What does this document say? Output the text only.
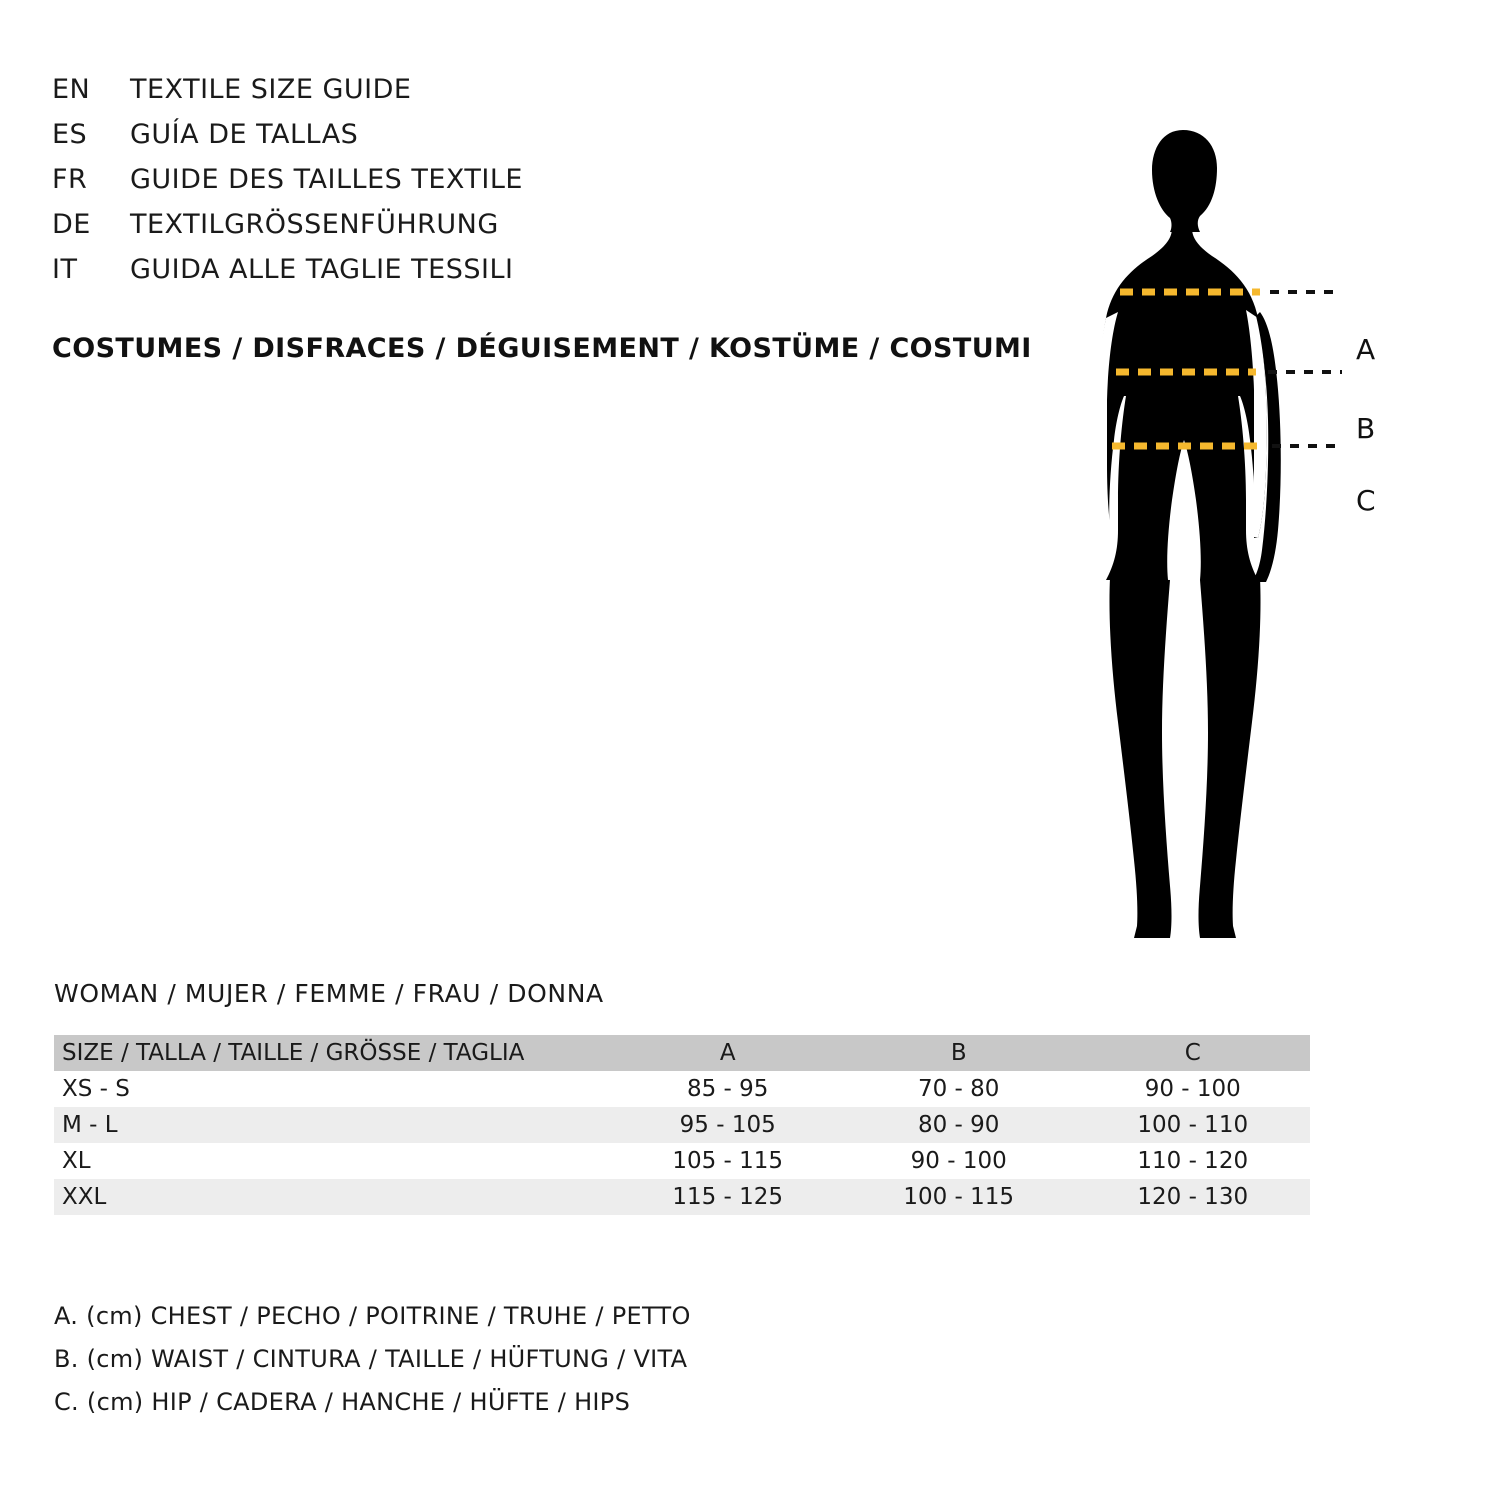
EN	TEXTILE SIZE GUIDE
ES	GUÍA DE TALLAS
FR	GUIDE DES TAILLES TEXTILE
DE	TEXTILGRÖSSENFÜHRUNG
IT	GUIDA ALLE TAGLIE TESSILI
COSTUMES / DISFRACES / DÉGUISEMENT / KOSTÜME / COSTUMI	A
B
C
WOMAN / MUJER / FEMME / FRAU / DONNA
SIZE / TALLA / TAILLE / GRÖSSE / TAGLIA	A	B	C
XS - S	85 - 95	70 - 80	90 - 100
M - L	95 - 105	80 - 90	100 - 110
XL	105 - 115	90 - 100	110 - 120
XXL	115 - 125	100 - 115	120 - 130
A. (cm) CHEST / PECHO / POITRINE / TRUHE / PETTO
B. (cm) WAIST / CINTURA / TAILLE / HÜFTUNG / VITA
C. (cm) HIP / CADERA / HANCHE / HÜFTE / HIPS
